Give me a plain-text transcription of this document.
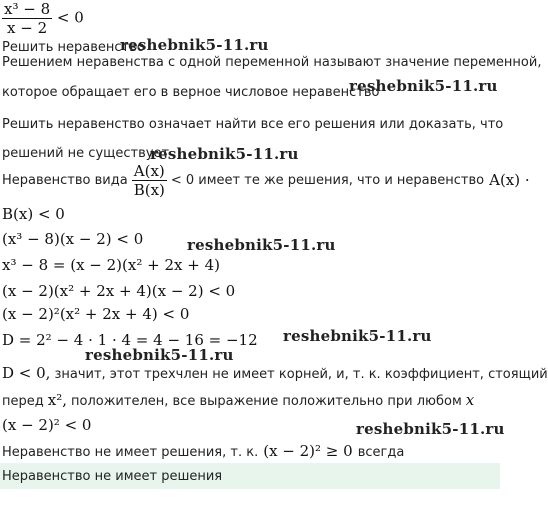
$\frac{\text{x³ − 8}}{x - 2} < 0$
Решить неравенство
reshebnik5-11.ru
Решением неравенства с одной переменной называют значение переменной,
которое обращает его в верное числовое неравенство
reshebnik5-11.ru
Решить неравенство означает найти все его решения или доказать, что
решений не существует
reshebnik5-11.ru
Неравенство вида $\frac{A(x)}{B(x)} < 0$ имеет те же решения, что и неравенство A(x) ·
B(x) < 0
(x³ − 8)(x − 2) < 0	reshebnik5-11.ru
x³ − 8 = (x − 2)(x² + 2x + 4)
(x − 2)(x² + 2x + 4)(x − 2) < 0
(x − 2)²(x² + 2x + 4) < 0
D = 2² − 4 · 1 · 4 = 4 − 16 = −12 reshebnik5-11.ru
reshebnik5-11.ru
D < 0, значит, этот трехчлен не имеет корней, и, т. к. коэффициент, стоящий
перед x², положителен, все выражение положительно при любом x
(x − 2)² < 0	reshebnik5-11.ru
Неравенство не имеет решения, т. к. (x − 2)² ≥ 0 всегда
Неравенство не имеет решения
